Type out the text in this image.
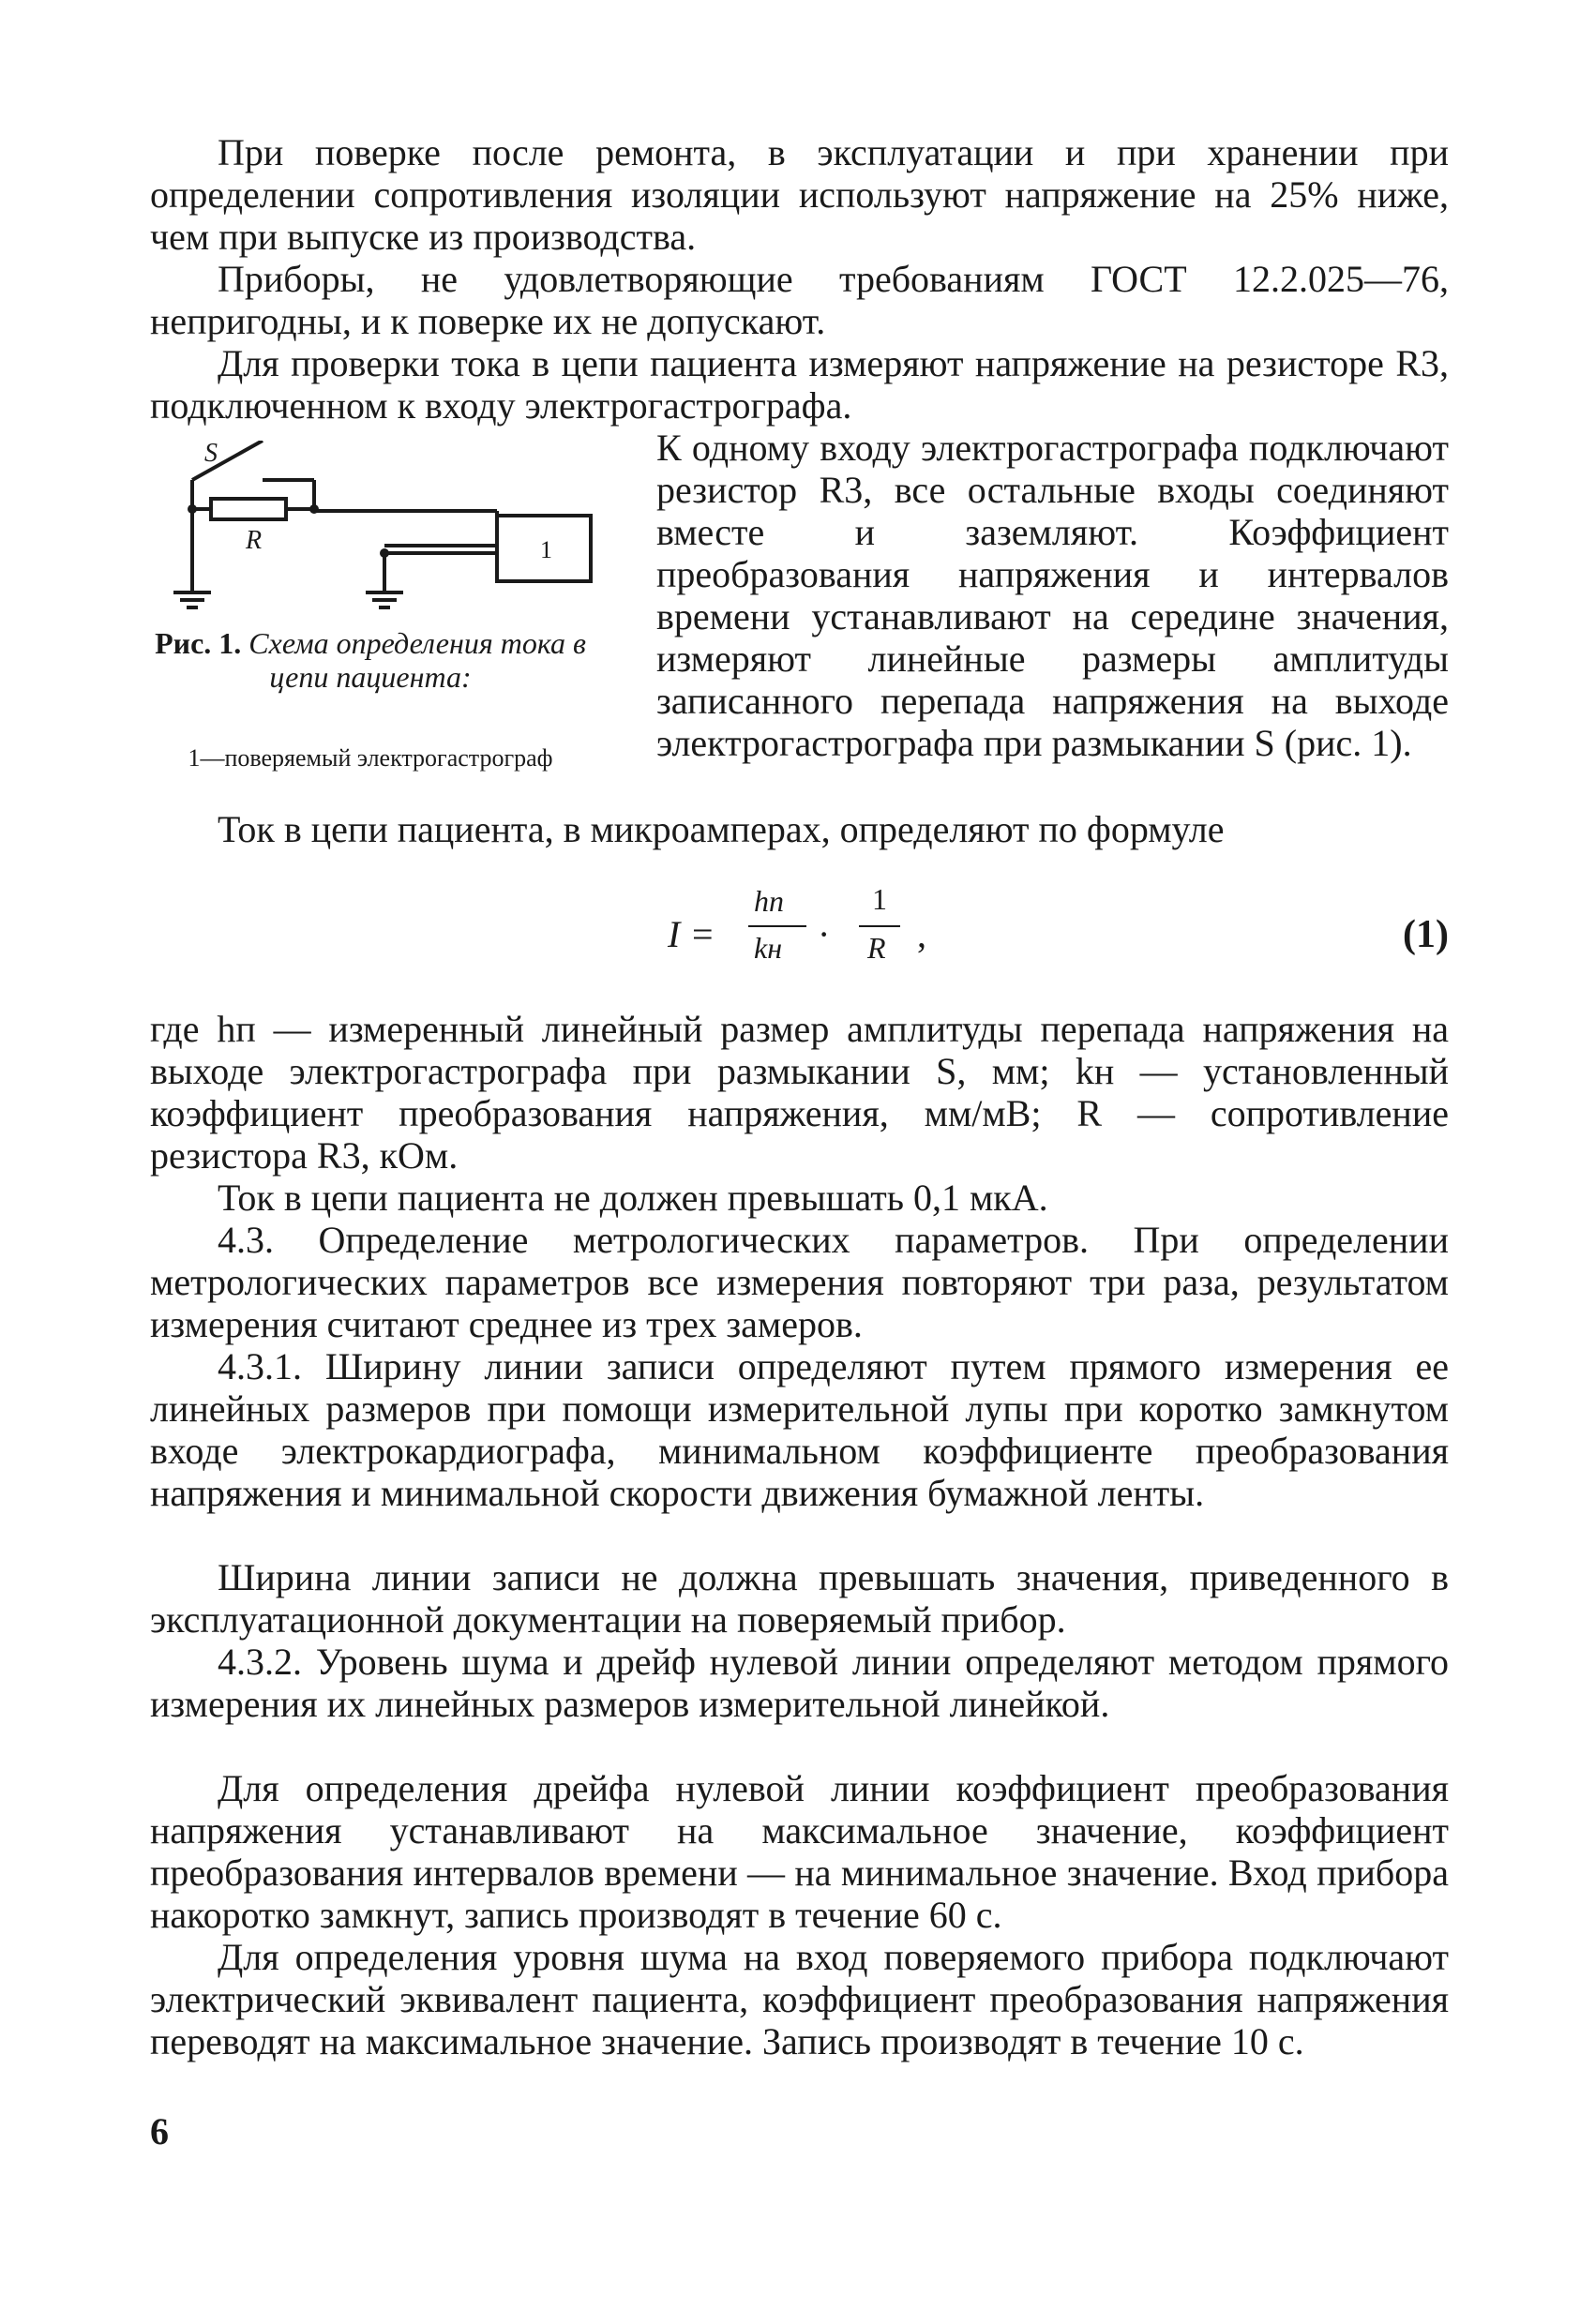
При поверке после ремонта, в эксплуатации и при хранении при определении сопротивления изоляции используют напряжение на 25% ниже, чем при выпуске из производства.

Приборы, не удовлетворяющие требованиям ГОСТ 12.2.025—76, непригодны, и к поверке их не допускают.

Для проверки тока в цепи пациента измеряют напряжение на резисторе R3, подключенном к входу электрогастрографа.

S
R	1
Рис. 1. Схема определения тока в цепи пациента:
1—поверяемый электрогастрограф

К одному входу электрогастрографа подключают резистор R3, все остальные входы соединяют вместе и заземляют. Коэффициент преобразования напряжения и интервалов времени устанавливают на середине значения, измеряют линейные размеры амплитуды записанного перепада напряжения на выходе электрогастрографа при размыкании S (рис. 1).

Ток в цепи пациента, в микроамперах, определяют по формуле

I =
hп
kн ·
1
R ,	(1)

где hп — измеренный линейный размер амплитуды перепада напряжения на выходе электрогастрографа при размыкании S, мм; kн — установленный коэффициент преобразования напряжения, мм/мВ; R — сопротивление резистора R3, кОм.

Ток в цепи пациента не должен превышать 0,1 мкА.

4.3. Определение метрологических параметров. При определении метрологических параметров все измерения повторяют три раза, результатом измерения считают среднее из трех замеров.

4.3.1. Ширину линии записи определяют путем прямого измерения ее линейных размеров при помощи измерительной лупы при коротко замкнутом входе электрокардиографа, минимальном коэффициенте преобразования напряжения и минимальной скорости движения бумажной ленты.

Ширина линии записи не должна превышать значения, приведенного в эксплуатационной документации на поверяемый прибор.

4.3.2. Уровень шума и дрейф нулевой линии определяют методом прямого измерения их линейных размеров измерительной линейкой.

Для определения дрейфа нулевой линии коэффициент преобразования напряжения устанавливают на максимальное значение, коэффициент преобразования интервалов времени — на минимальное значение. Вход прибора накоротко замкнут, запись производят в течение 60 с.

Для определения уровня шума на вход поверяемого прибора подключают электрический эквивалент пациента, коэффициент преобразования напряжения переводят на максимальное значение. Запись производят в течение 10 с.

6
